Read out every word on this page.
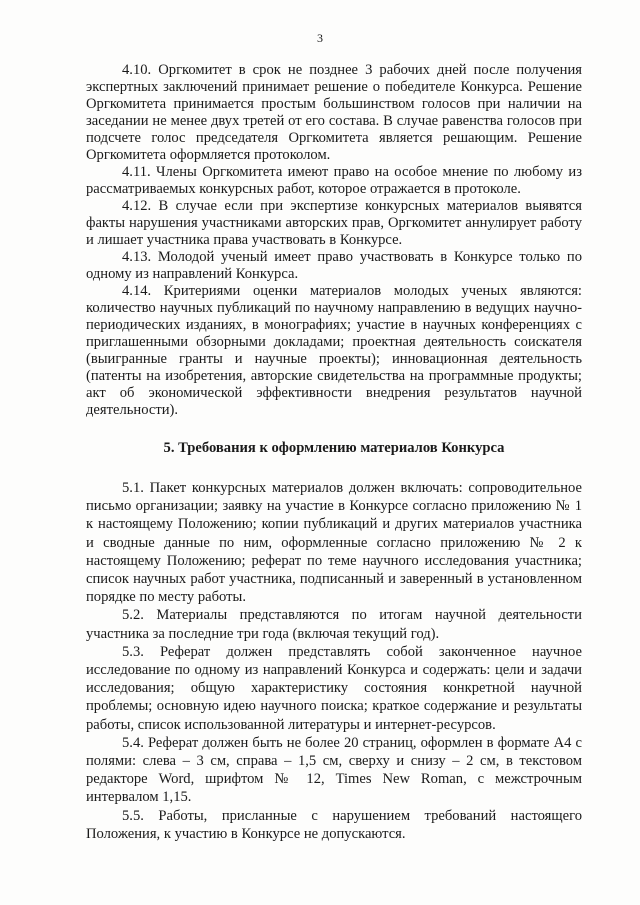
3

4.10. Оргкомитет в срок не позднее 3 рабочих дней после получения экспертных заключений принимает решение о победителе Конкурса. Решение Оргкомитета принимается простым большинством голосов при наличии на заседании не менее двух третей от его состава. В случае равенства голосов при подсчете голос председателя Оргкомитета является решающим. Решение Оргкомитета оформляется протоколом.

4.11. Члены Оргкомитета имеют право на особое мнение по любому из рассматриваемых конкурсных работ, которое отражается в протоколе.

4.12. В случае если при экспертизе конкурсных материалов выявятся факты нарушения участниками авторских прав, Оргкомитет аннулирует работу и лишает участника права участвовать в Конкурсе.

4.13. Молодой ученый имеет право участвовать в Конкурсе только по одному из направлений Конкурса.

4.14. Критериями оценки материалов молодых ученых являются: количество научных публикаций по научному направлению в ведущих научно-периодических изданиях, в монографиях; участие в научных конференциях с приглашенными обзорными докладами; проектная деятельность соискателя (выигранные гранты и научные проекты); инновационная деятельность (патенты на изобретения, авторские свидетельства на программные продукты; акт об экономической эффективности внедрения результатов научной деятельности).

5. Требования к оформлению материалов Конкурса

5.1. Пакет конкурсных материалов должен включать: сопроводительное письмо организации; заявку на участие в Конкурсе согласно приложению № 1 к настоящему Положению; копии публикаций и других материалов участника и сводные данные по ним, оформленные согласно приложению № 2 к настоящему Положению; реферат по теме научного исследования участника; список научных работ участника, подписанный и заверенный в установленном порядке по месту работы.

5.2. Материалы представляются по итогам научной деятельности участника за последние три года (включая текущий год).

5.3. Реферат должен представлять собой законченное научное исследование по одному из направлений Конкурса и содержать: цели и задачи исследования; общую характеристику состояния конкретной научной проблемы; основную идею научного поиска; краткое содержание и результаты работы, список использованной литературы и интернет-ресурсов.

5.4. Реферат должен быть не более 20 страниц, оформлен в формате А4 с полями: слева – 3 см, справа – 1,5 см, сверху и снизу – 2 см, в текстовом редакторе Word, шрифтом № 12, Times New Roman, с межстрочным интервалом 1,15.

5.5. Работы, присланные с нарушением требований настоящего Положения, к участию в Конкурсе не допускаются.
